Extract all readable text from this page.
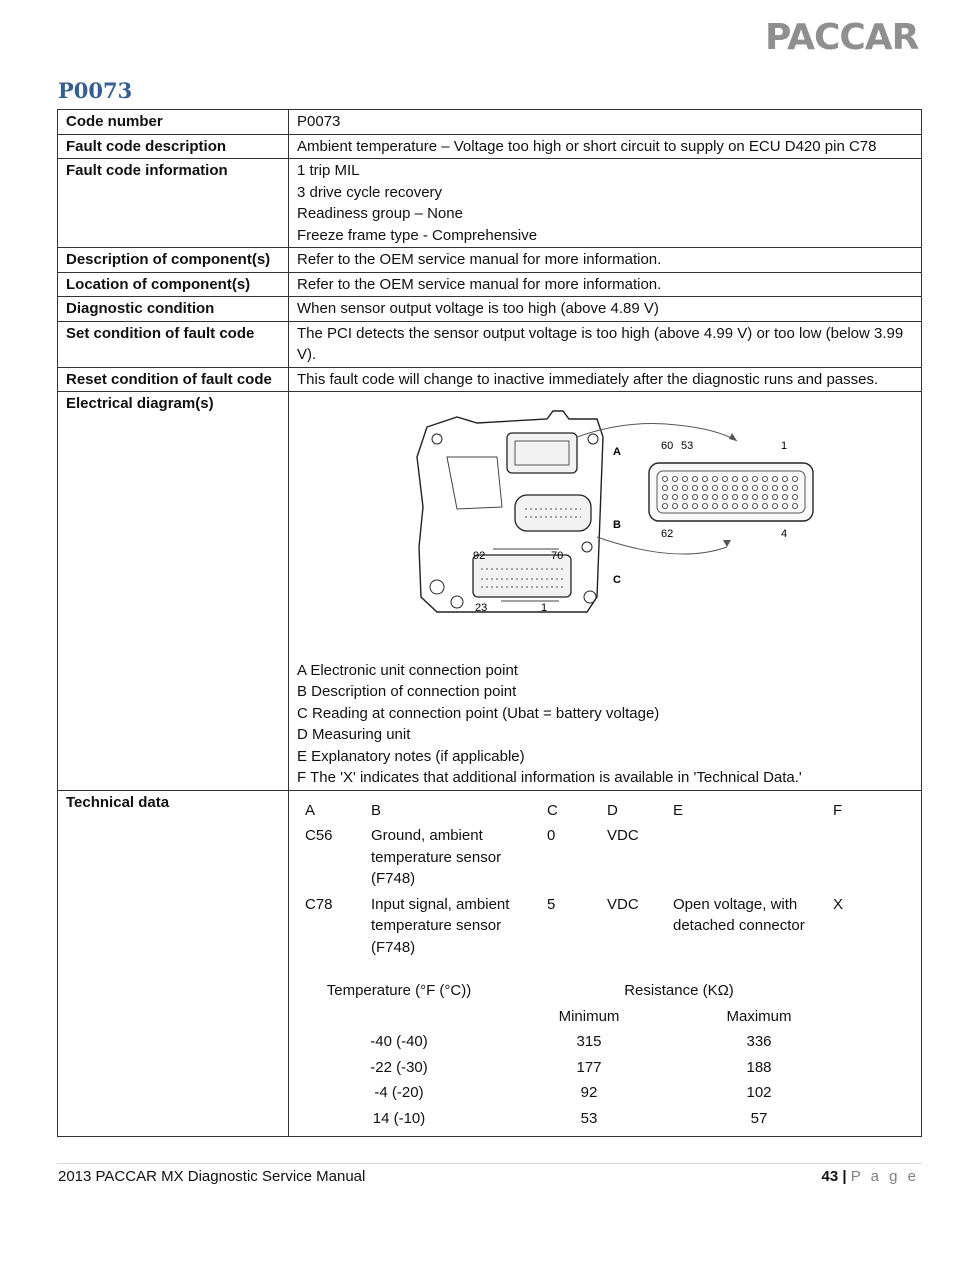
PACCAR
P0073
Code number	P0073

Fault code description	Ambient temperature – Voltage too high or short circuit to supply on ECU D420 pin C78

Fault code information	1 trip MIL
3 drive cycle recovery
Readiness group – None
Freeze frame type - Comprehensive

Description of component(s)	Refer to the OEM service manual for more information.

Location of component(s)	Refer to the OEM service manual for more information.

Diagnostic condition	When sensor output voltage is too high (above 4.89 V)

Set condition of fault code	The PCI detects the sensor output voltage is too high (above 4.99 V) or too low (below 3.99 V).

Reset condition of fault code	This fault code will change to inactive immediately after the diagnostic runs and passes.

Electrical diagram(s)	
A
B
C
60 53	1
62	4
92	70
23	1
A Electronic unit connection point
B Description of connection point
C Reading at connection point (Ubat = battery voltage)
D Measuring unit
E Explanatory notes (if applicable)
F The 'X' indicates that additional information is available in 'Technical Data.'

Technical data		A	B	C	D	E	F
C56	Ground, ambient temperature sensor (F748)	0	VDC		
C78	Input signal, ambient temperature sensor (F748)	5	VDC	Open voltage, with detached connector	X
Temperature (°F (°C))		Resistance (KΩ)
		Minimum		Maximum
-40 (-40)		315		336
-22 (-30)		177		188
-4 (-20)		92		102
14 (-10)		53		57
2013 PACCAR MX Diagnostic Service Manual	43 | P a g e
